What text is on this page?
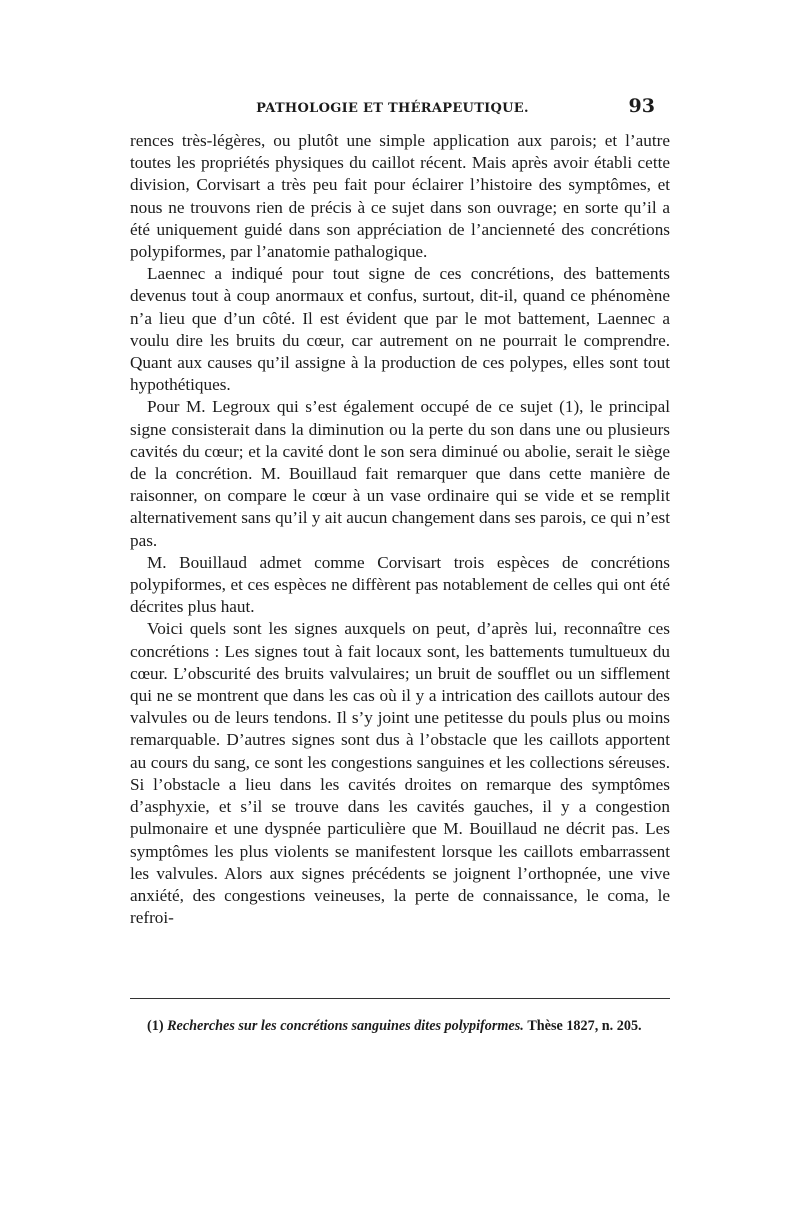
PATHOLOGIE ET THÉRAPEUTIQUE.	93

rences très-légères, ou plutôt une simple application aux parois; et l’autre toutes les propriétés physiques du caillot récent. Mais après avoir établi cette division, Corvisart a très peu fait pour éclairer l’histoire des symptômes, et nous ne trouvons rien de précis à ce sujet dans son ouvrage; en sorte qu’il a été uniquement guidé dans son appréciation de l’ancienneté des concrétions polypiformes, par l’anatomie pathalogique.

Laennec a indiqué pour tout signe de ces concrétions, des battements devenus tout à coup anormaux et confus, surtout, dit-il, quand ce phénomène n’a lieu que d’un côté. Il est évident que par le mot battement, Laennec a voulu dire les bruits du cœur, car autrement on ne pourrait le comprendre. Quant aux causes qu’il assigne à la production de ces polypes, elles sont tout hypothétiques.

Pour M. Legroux qui s’est également occupé de ce sujet (1), le principal signe consisterait dans la diminution ou la perte du son dans une ou plusieurs cavités du cœur; et la cavité dont le son sera diminué ou abolie, serait le siège de la concrétion. M. Bouillaud fait remarquer que dans cette manière de raisonner, on compare le cœur à un vase ordinaire qui se vide et se remplit alternativement sans qu’il y ait aucun changement dans ses parois, ce qui n’est pas.

M. Bouillaud admet comme Corvisart trois espèces de concrétions polypiformes, et ces espèces ne diffèrent pas notablement de celles qui ont été décrites plus haut.

Voici quels sont les signes auxquels on peut, d’après lui, reconnaître ces concrétions : Les signes tout à fait locaux sont, les battements tumultueux du cœur. L’obscurité des bruits valvulaires; un bruit de soufflet ou un sifflement qui ne se montrent que dans les cas où il y a intrication des caillots autour des valvules ou de leurs tendons. Il s’y joint une petitesse du pouls plus ou moins remarquable. D’autres signes sont dus à l’obstacle que les caillots apportent au cours du sang, ce sont les congestions sanguines et les collections séreuses. Si l’obstacle a lieu dans les cavités droites on remarque des symptômes d’asphyxie, et s’il se trouve dans les cavités gauches, il y a congestion pulmonaire et une dyspnée particulière que M. Bouillaud ne décrit pas. Les symptômes les plus violents se manifestent lorsque les caillots embarrassent les valvules. Alors aux signes précédents se joignent l’orthopnée, une vive anxiété, des congestions veineuses, la perte de connaissance, le coma, le refroi-

(1) Recherches sur les concrétions sanguines dites polypiformes. Thèse 1827, n. 205.
